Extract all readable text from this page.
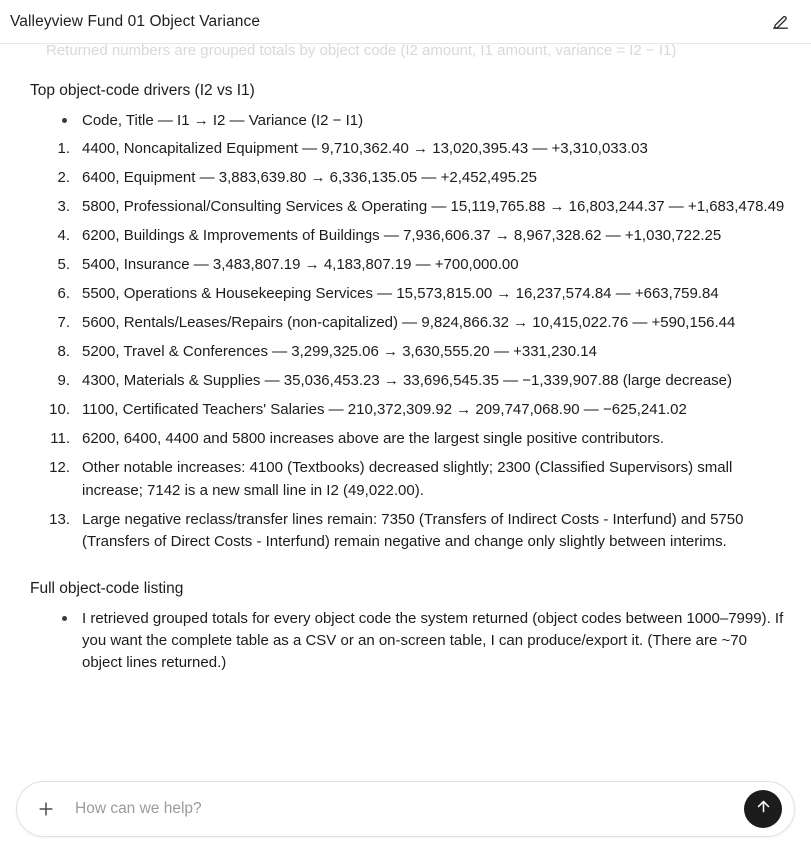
Valleyview Fund 01 Object Variance
Returned numbers are grouped totals by object code (I2 amount, I1 amount, variance = I2 − I1)
Top object-code drivers (I2 vs I1)
Code, Title — I1 → I2 — Variance (I2 − I1)
1. 4400, Noncapitalized Equipment — 9,710,362.40 → 13,020,395.43 — +3,310,033.03
2. 6400, Equipment — 3,883,639.80 → 6,336,135.05 — +2,452,495.25
3. 5800, Professional/Consulting Services & Operating — 15,119,765.88 → 16,803,244.37 — +1,683,478.49
4. 6200, Buildings & Improvements of Buildings — 7,936,606.37 → 8,967,328.62 — +1,030,722.25
5. 5400, Insurance — 3,483,807.19 → 4,183,807.19 — +700,000.00
6. 5500, Operations & Housekeeping Services — 15,573,815.00 → 16,237,574.84 — +663,759.84
7. 5600, Rentals/Leases/Repairs (non-capitalized) — 9,824,866.32 → 10,415,022.76 — +590,156.44
8. 5200, Travel & Conferences — 3,299,325.06 → 3,630,555.20 — +331,230.14
9. 4300, Materials & Supplies — 35,036,453.23 → 33,696,545.35 — −1,339,907.88 (large decrease)
10. 1100, Certificated Teachers' Salaries — 210,372,309.92 → 209,747,068.90 — −625,241.02
11. 6200, 6400, 4400 and 5800 increases above are the largest single positive contributors.
12. Other notable increases: 4100 (Textbooks) decreased slightly; 2300 (Classified Supervisors) small increase; 7142 is a new small line in I2 (49,022.00).
13. Large negative reclass/transfer lines remain: 7350 (Transfers of Indirect Costs - Interfund) and 5750 (Transfers of Direct Costs - Interfund) remain negative and change only slightly between interims.
Full object-code listing
I retrieved grouped totals for every object code the system returned (object codes between 1000–7999). If you want the complete table as a CSV or an on-screen table, I can produce/export it. (There are ~70 object lines returned.)
How can we help?
